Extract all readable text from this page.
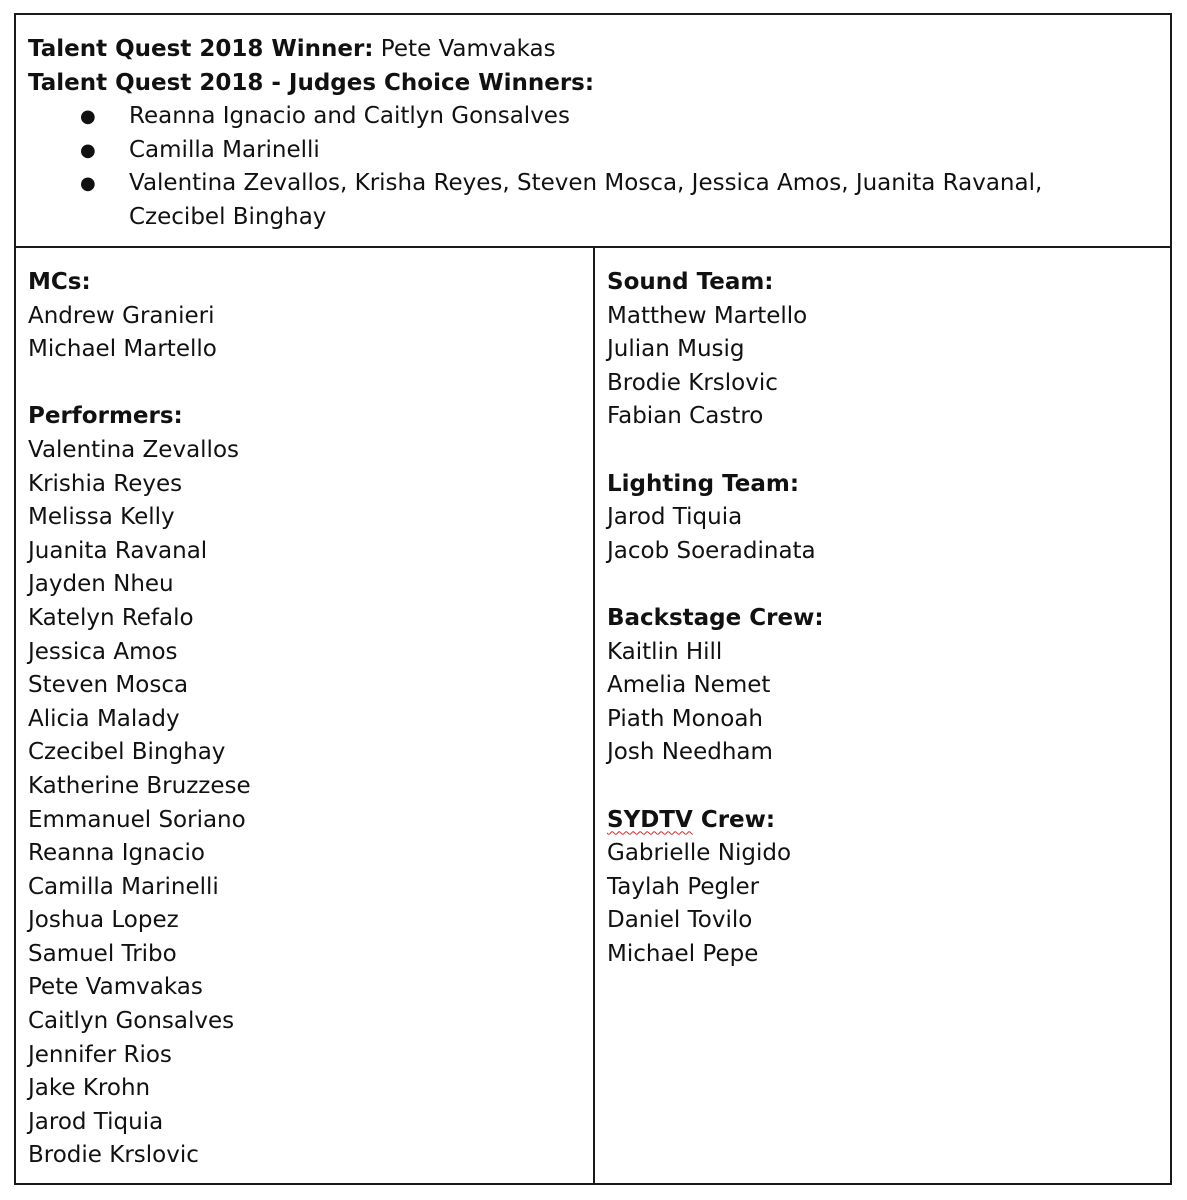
Talent Quest 2018 Winner: Pete Vamvakas
Talent Quest 2018 - Judges Choice Winners:
● Reanna Ignacio and Caitlyn Gonsalves
● Camilla Marinelli
● Valentina Zevallos, Krisha Reyes, Steven Mosca, Jessica Amos, Juanita Ravanal, Czecibel Binghay
MCs:
Andrew Granieri
Michael Martello
Performers:
Valentina Zevallos
Krishia Reyes
Melissa Kelly
Juanita Ravanal
Jayden Nheu
Katelyn Refalo
Jessica Amos
Steven Mosca
Alicia Malady
Czecibel Binghay
Katherine Bruzzese
Emmanuel Soriano
Reanna Ignacio
Camilla Marinelli
Joshua Lopez
Samuel Tribo
Pete Vamvakas
Caitlyn Gonsalves
Jennifer Rios
Jake Krohn
Jarod Tiquia
Brodie Krslovic
Sound Team:
Matthew Martello
Julian Musig
Brodie Krslovic
Fabian Castro
Lighting Team:
Jarod Tiquia
Jacob Soeradinata
Backstage Crew:
Kaitlin Hill
Amelia Nemet
Piath Monoah
Josh Needham
SYDTV Crew:
Gabrielle Nigido
Taylah Pegler
Daniel Tovilo
Michael Pepe
